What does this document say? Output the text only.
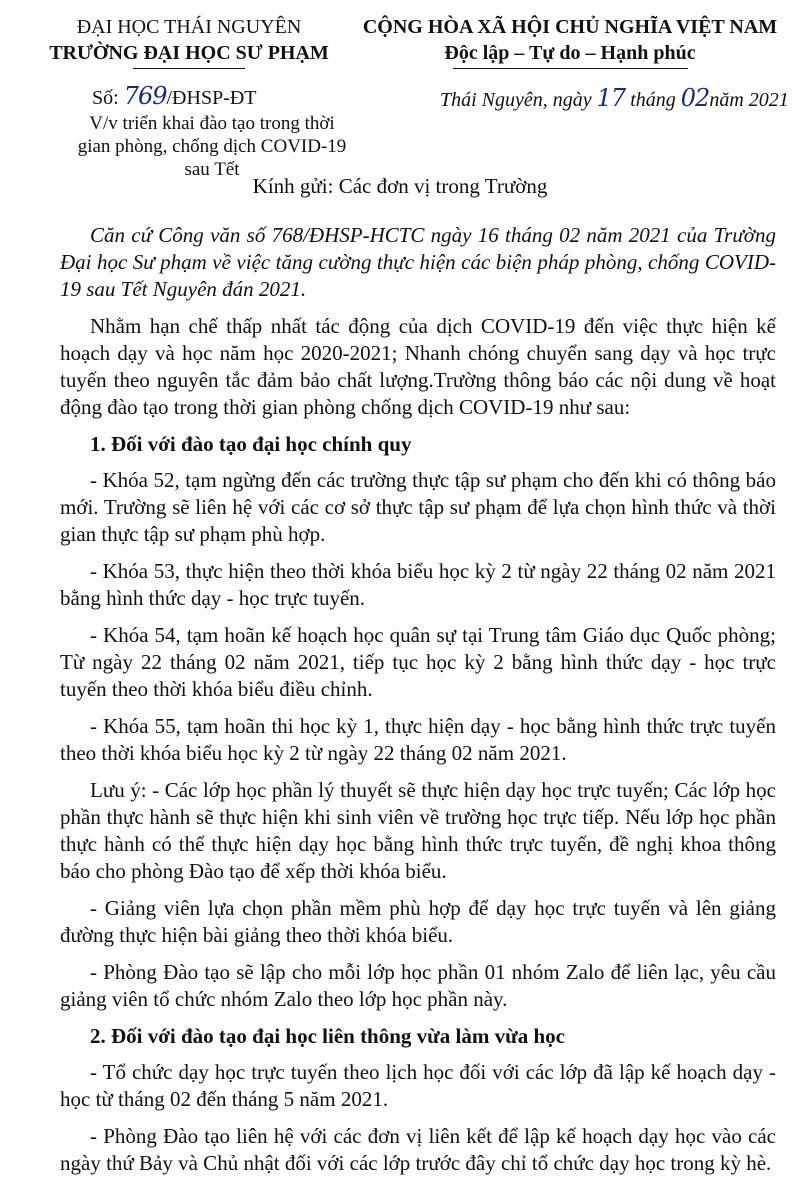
ĐẠI HỌC THÁI NGUYÊN
TRƯỜNG ĐẠI HỌC SƯ PHẠM
CỘNG HÒA XÃ HỘI CHỦ NGHĨA VIỆT NAM
Độc lập – Tự do – Hạnh phúc
Số: 769/ĐHSP-ĐT
V/v triển khai đào tạo trong thời gian phòng, chống dịch COVID-19 sau Tết
Thái Nguyên, ngày 17 tháng 02năm 2021
Kính gửi: Các đơn vị trong Trường

Căn cứ Công văn số 768/ĐHSP-HCTC ngày 16 tháng 02 năm 2021 của Trường Đại học Sư phạm về việc tăng cường thực hiện các biện pháp phòng, chống COVID-19 sau Tết Nguyên đán 2021.

Nhằm hạn chế thấp nhất tác động của dịch COVID-19 đến việc thực hiện kế hoạch dạy và học năm học 2020-2021; Nhanh chóng chuyển sang dạy và học trực tuyến theo nguyên tắc đảm bảo chất lượng.Trường thông báo các nội dung về hoạt động đào tạo trong thời gian phòng chống dịch COVID-19 như sau:

1. Đối với đào tạo đại học chính quy

- Khóa 52, tạm ngừng đến các trường thực tập sư phạm cho đến khi có thông báo mới. Trường sẽ liên hệ với các cơ sở thực tập sư phạm để lựa chọn hình thức và thời gian thực tập sư phạm phù hợp.

- Khóa 53, thực hiện theo thời khóa biểu học kỳ 2 từ ngày 22 tháng 02 năm 2021 bằng hình thức dạy - học trực tuyến.

- Khóa 54, tạm hoãn kế hoạch học quân sự tại Trung tâm Giáo dục Quốc phòng; Từ ngày 22 tháng 02 năm 2021, tiếp tục học kỳ 2 bằng hình thức dạy - học trực tuyến theo thời khóa biểu điều chỉnh.

- Khóa 55, tạm hoãn thi học kỳ 1, thực hiện dạy - học bằng hình thức trực tuyến theo thời khóa biểu học kỳ 2 từ ngày 22 tháng 02 năm 2021.

Lưu ý: - Các lớp học phần lý thuyết sẽ thực hiện dạy học trực tuyến; Các lớp học phần thực hành sẽ thực hiện khi sinh viên về trường học trực tiếp. Nếu lớp học phần thực hành có thể thực hiện dạy học bằng hình thức trực tuyến, đề nghị khoa thông báo cho phòng Đào tạo để xếp thời khóa biểu.

- Giảng viên lựa chọn phần mềm phù hợp để dạy học trực tuyến và lên giảng đường thực hiện bài giảng theo thời khóa biểu.

- Phòng Đào tạo sẽ lập cho mỗi lớp học phần 01 nhóm Zalo để liên lạc, yêu cầu giảng viên tổ chức nhóm Zalo theo lớp học phần này.

2. Đối với đào tạo đại học liên thông vừa làm vừa học

- Tổ chức dạy học trực tuyến theo lịch học đối với các lớp đã lập kế hoạch dạy - học từ tháng 02 đến tháng 5 năm 2021.

- Phòng Đào tạo liên hệ với các đơn vị liên kết để lập kế hoạch dạy học vào các ngày thứ Bảy và Chủ nhật đối với các lớp trước đây chỉ tổ chức dạy học trong kỳ hè.
